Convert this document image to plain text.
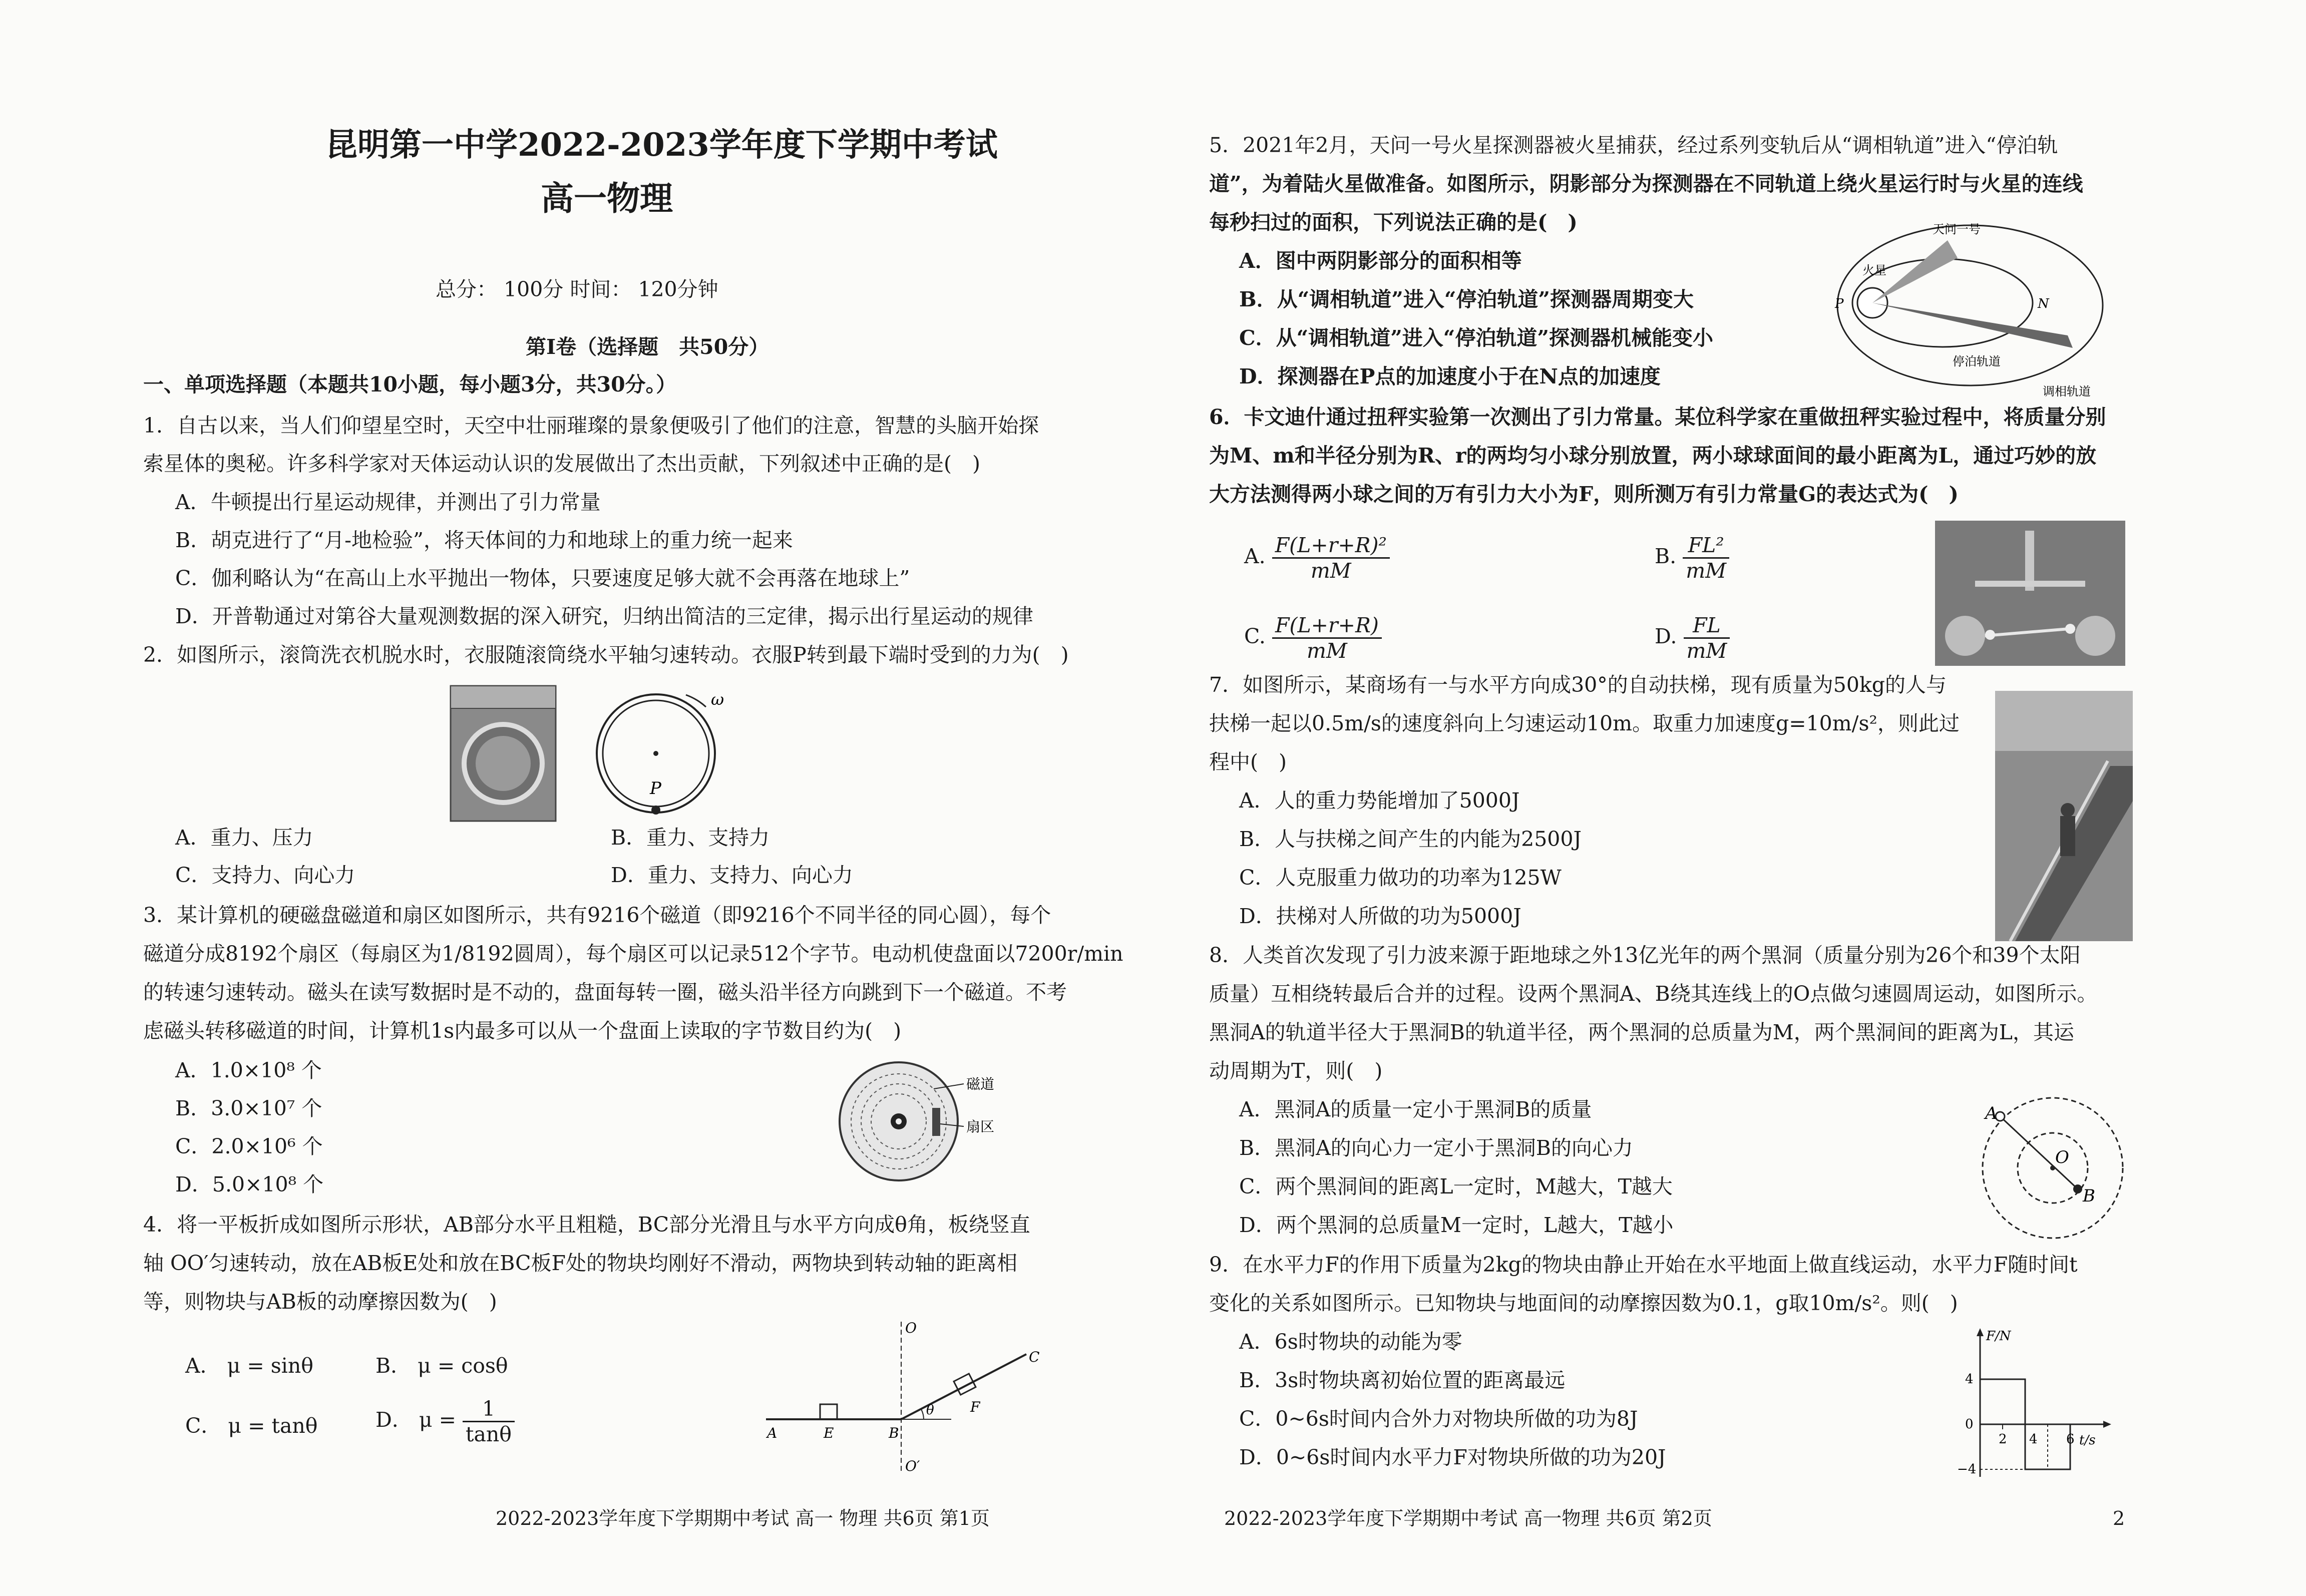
昆明第一中学2022-2023学年度下学期中考试
高一物理
总分： 100分 时间： 120分钟
第Ⅰ卷（选择题　共50分）
一、单项选择题（本题共10小题，每小题3分，共30分。）
1．自古以来，当人们仰望星空时，天空中壮丽璀璨的景象便吸引了他们的注意，智慧的头脑开始探
索星体的奥秘。许多科学家对天体运动认识的发展做出了杰出贡献，下列叙述中正确的是(　)
A．牛顿提出行星运动规律，并测出了引力常量
B．胡克进行了“月-地检验”，将天体间的力和地球上的重力统一起来
C．伽利略认为“在高山上水平抛出一物体，只要速度足够大就不会再落在地球上”
D．开普勒通过对第谷大量观测数据的深入研究，归纳出简洁的三定律，揭示出行星运动的规律
2．如图所示，滚筒洗衣机脱水时，衣服随滚筒绕水平轴匀速转动。衣服P转到最下端时受到的力为(　)
ω
P
A．重力、压力	B．重力、支持力
C．支持力、向心力	D．重力、支持力、向心力
3．某计算机的硬磁盘磁道和扇区如图所示，共有9216个磁道（即9216个不同半径的同心圆），每个
磁道分成8192个扇区（每扇区为1/8192圆周），每个扇区可以记录512个字节。电动机使盘面以7200r/min
的转速匀速转动。磁头在读写数据时是不动的，盘面每转一圈，磁头沿半径方向跳到下一个磁道。不考
虑磁头转移磁道的时间，计算机1s内最多可以从一个盘面上读取的字节数目约为(　)
A．1.0×10⁸ 个
B．3.0×10⁷ 个
C．2.0×10⁶ 个
D．5.0×10⁸ 个
磁道
扇区
4．将一平板折成如图所示形状，AB部分水平且粗糙，BC部分光滑且与水平方向成θ角，板绕竖直
轴 OO′匀速转动，放在AB板E处和放在BC板F处的物块均刚好不滑动，两物块到转动轴的距离相
等，则物块与AB板的动摩擦因数为(　)
A． μ = sinθ	B． μ = cosθ
C． μ = tanθ	D． $\mu = \frac{1}{\tan\theta}$
O
O′
A	E	B
F
C
θ
2022-2023学年度下学期期中考试 高一 物理 共6页 第1页
5．2021年2月，天问一号火星探测器被火星捕获，经过系列变轨后从“调相轨道”进入“停泊轨
道”，为着陆火星做准备。如图所示，阴影部分为探测器在不同轨道上绕火星运行时与火星的连线
每秒扫过的面积，下列说法正确的是(　)
A．图中两阴影部分的面积相等
B．从“调相轨道”进入“停泊轨道”探测器周期变大
C．从“调相轨道”进入“停泊轨道”探测器机械能变小
D．探测器在P点的加速度小于在N点的加速度
天问一号
火星
P	N
停泊轨道
调相轨道
6．卡文迪什通过扭秤实验第一次测出了引力常量。某位科学家在重做扭秤实验过程中，将质量分别
为M、m和半径分别为R、r的两均匀小球分别放置，两小球球面间的最小距离为L，通过巧妙的放
大方法测得两小球之间的万有引力大小为F，则所测万有引力常量G的表达式为(　)
A. $\frac{\text{F(L+r+R)²}}{mM}$	B. $\frac{\text{FL²}}{mM}$
C. $\frac{F(L+r+R)}{mM}$	D. $\frac{FL}{mM}$
7．如图所示，某商场有一与水平方向成30°的自动扶梯，现有质量为50kg的人与
扶梯一起以0.5m/s的速度斜向上匀速运动10m。取重力加速度g=10m/s²，则此过
程中(　)
A．人的重力势能增加了5000J
B．人与扶梯之间产生的内能为2500J
C．人克服重力做功的功率为125W
D．扶梯对人所做的功为5000J
8．人类首次发现了引力波来源于距地球之外13亿光年的两个黑洞（质量分别为26个和39个太阳
质量）互相绕转最后合并的过程。设两个黑洞A、B绕其连线上的O点做匀速圆周运动，如图所示。
黑洞A的轨道半径大于黑洞B的轨道半径，两个黑洞的总质量为M，两个黑洞间的距离为L，其运
动周期为T，则(　)
A．黑洞A的质量一定小于黑洞B的质量
B．黑洞A的向心力一定小于黑洞B的向心力
C．两个黑洞间的距离L一定时，M越大，T越大
D．两个黑洞的总质量M一定时，L越大，T越小
A
O
B
9．在水平力F的作用下质量为2kg的物块由静止开始在水平地面上做直线运动，水平力F随时间t
变化的关系如图所示。已知物块与地面间的动摩擦因数为0.1，g取10m/s²。则(　)
A．6s时物块的动能为零
B．3s时物块离初始位置的距离最远
C．0~6s时间内合外力对物块所做的功为8J
D．0~6s时间内水平力F对物块所做的功为20J
F/N
t/s
4
0
−4
2 4 6
2022-2023学年度下学期期中考试 高一物理 共6页 第2页	2
